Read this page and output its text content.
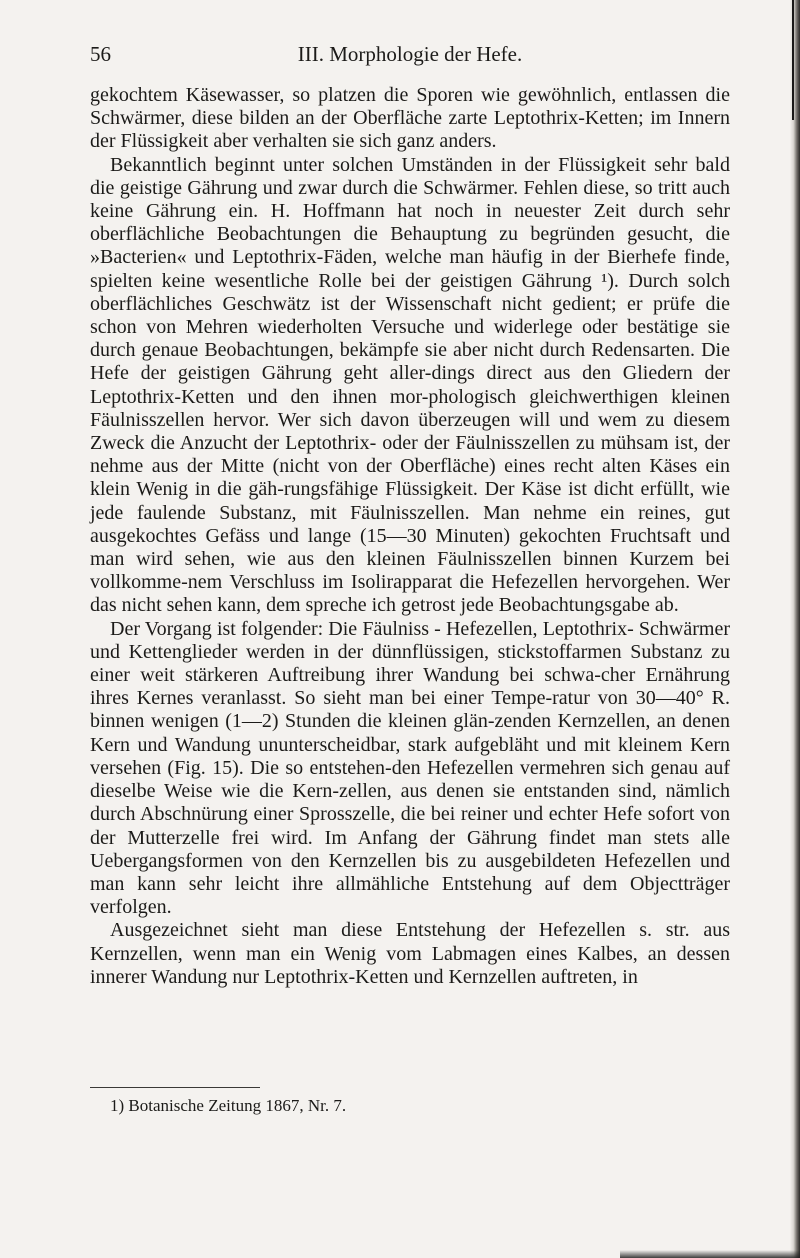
56	III. Morphologie der Hefe.

gekochtem Käsewasser, so platzen die Sporen wie gewöhnlich, entlassen die Schwärmer, diese bilden an der Oberfläche zarte Leptothrix-Ketten; im Innern der Flüssigkeit aber verhalten sie sich ganz anders.

Bekanntlich beginnt unter solchen Umständen in der Flüssigkeit sehr bald die geistige Gährung und zwar durch die Schwärmer. Fehlen diese, so tritt auch keine Gährung ein. H. Hoffmann hat noch in neuester Zeit durch sehr oberflächliche Beobachtungen die Behauptung zu begründen gesucht, die »Bacterien« und Leptothrix-Fäden, welche man häufig in der Bierhefe finde, spielten keine wesentliche Rolle bei der geistigen Gährung ¹). Durch solch oberflächliches Geschwätz ist der Wissenschaft nicht gedient; er prüfe die schon von Mehren wiederholten Versuche und widerlege oder bestätige sie durch genaue Beobachtungen, bekämpfe sie aber nicht durch Redensarten. Die Hefe der geistigen Gährung geht aller-dings direct aus den Gliedern der Leptothrix-Ketten und den ihnen mor-phologisch gleichwerthigen kleinen Fäulnisszellen hervor. Wer sich davon überzeugen will und wem zu diesem Zweck die Anzucht der Leptothrix- oder der Fäulnisszellen zu mühsam ist, der nehme aus der Mitte (nicht von der Oberfläche) eines recht alten Käses ein klein Wenig in die gäh-rungsfähige Flüssigkeit. Der Käse ist dicht erfüllt, wie jede faulende Substanz, mit Fäulnisszellen. Man nehme ein reines, gut ausgekochtes Gefäss und lange (15—30 Minuten) gekochten Fruchtsaft und man wird sehen, wie aus den kleinen Fäulnisszellen binnen Kurzem bei vollkomme-nem Verschluss im Isolirapparat die Hefezellen hervorgehen. Wer das nicht sehen kann, dem spreche ich getrost jede Beobachtungsgabe ab.

Der Vorgang ist folgender: Die Fäulniss - Hefezellen, Leptothrix- Schwärmer und Kettenglieder werden in der dünnflüssigen, stickstoffarmen Substanz zu einer weit stärkeren Auftreibung ihrer Wandung bei schwa-cher Ernährung ihres Kernes veranlasst. So sieht man bei einer Tempe-ratur von 30—40° R. binnen wenigen (1—2) Stunden die kleinen glän-zenden Kernzellen, an denen Kern und Wandung ununterscheidbar, stark aufgebläht und mit kleinem Kern versehen (Fig. 15). Die so entstehen-den Hefezellen vermehren sich genau auf dieselbe Weise wie die Kern-zellen, aus denen sie entstanden sind, nämlich durch Abschnürung einer Sprosszelle, die bei reiner und echter Hefe sofort von der Mutterzelle frei wird. Im Anfang der Gährung findet man stets alle Uebergangsformen von den Kernzellen bis zu ausgebildeten Hefezellen und man kann sehr leicht ihre allmähliche Entstehung auf dem Objectträger verfolgen.

Ausgezeichnet sieht man diese Entstehung der Hefezellen s. str. aus Kernzellen, wenn man ein Wenig vom Labmagen eines Kalbes, an dessen innerer Wandung nur Leptothrix-Ketten und Kernzellen auftreten, in

1) Botanische Zeitung 1867, Nr. 7.
